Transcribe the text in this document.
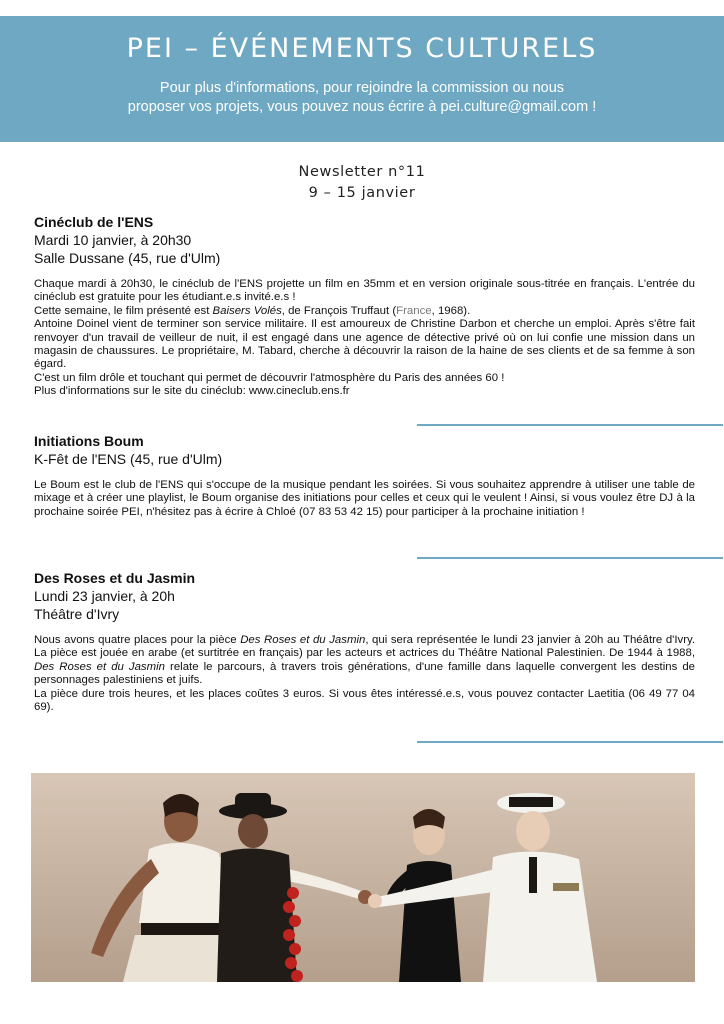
PEI – ÉVÉNEMENTS CULTURELS
Pour plus d'informations, pour rejoindre la commission ou nous
proposer vos projets, vous pouvez nous écrire à pei.culture@gmail.com !
Newsletter n°11
9 – 15 janvier
Cinéclub de l'ENS
Mardi 10 janvier, à 20h30
Salle Dussane (45, rue d'Ulm)
Chaque mardi à 20h30, le cinéclub de l'ENS projette un film en 35mm et en version originale sous-titrée en français. L'entrée du cinéclub est gratuite pour les étudiant.e.s invité.e.s !
Cette semaine, le film présenté est Baisers Volés, de François Truffaut (France, 1968).
Antoine Doinel vient de terminer son service militaire. Il est amoureux de Christine Darbon et cherche un emploi. Après s'être fait renvoyer d'un travail de veilleur de nuit, il est engagé dans une agence de détective privé où on lui confie une mission dans un magasin de chaussures. Le propriétaire, M. Tabard, cherche à découvrir la raison de la haine de ses clients et de sa femme à son égard.
C'est un film drôle et touchant qui permet de découvrir l'atmosphère du Paris des années 60 !
Plus d'informations sur le site du cinéclub: www.cineclub.ens.fr
Initiations Boum
K-Fêt de l'ENS (45, rue d'Ulm)
Le Boum est le club de l'ENS qui s'occupe de la musique pendant les soirées. Si vous souhaitez apprendre à utiliser une table de mixage et à créer une playlist, le Boum organise des initiations pour celles et ceux qui le veulent ! Ainsi, si vous voulez être DJ à la prochaine soirée PEI, n'hésitez pas à écrire à Chloé (07 83 53 42 15) pour participer à la prochaine initiation !
Des Roses et du Jasmin
Lundi 23 janvier, à 20h
Théâtre d'Ivry
Nous avons quatre places pour la pièce Des Roses et du Jasmin, qui sera représentée le lundi 23 janvier à 20h au Théâtre d'Ivry. La pièce est jouée en arabe (et surtitrée en français) par les acteurs et actrices du Théâtre National Palestinien. De 1944 à 1988, Des Roses et du Jasmin relate le parcours, à travers trois générations, d'une famille dans laquelle convergent les destins de personnages palestiniens et juifs.
La pièce dure trois heures, et les places coûtes 3 euros. Si vous êtes intéressé.e.s, vous pouvez contacter Laetitia (06 49 77 04 69).
